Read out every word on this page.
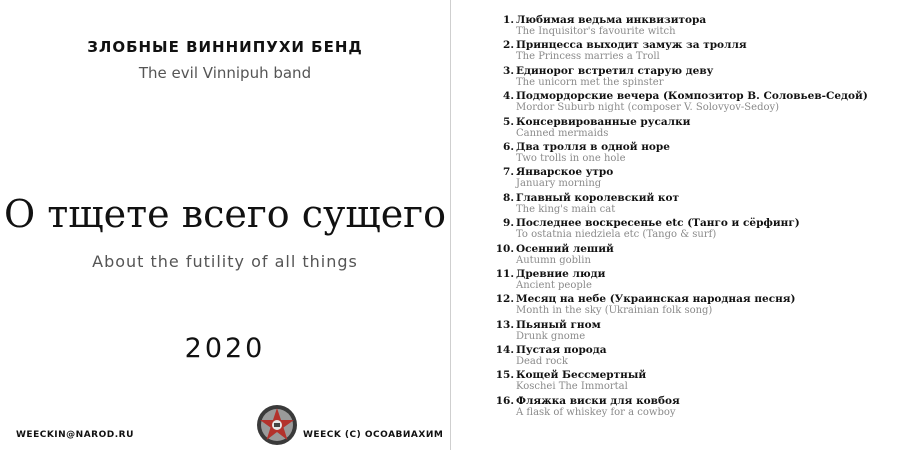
ЗЛОБНЫЕ ВИННИПУХИ БЕНД
The evil Vinnipuh band
О тщете всего сущего
About the futility of all things
2020
WEECKIN@NAROD.RU	WEECK (C) OCOAВИАХИМ
1. Любимая ведьма инквизитора
The Inquisitor's favourite witch
2. Принцесса выходит замуж за тролля
The Princess marries a Troll
3. Единорог встретил старую деву
The unicorn met the spinster
4. Подмордорские вечера (Композитор В. Соловьев-Седой)
Mordor Suburb night (composer V. Solovyov-Sedoy)
5. Консервированные русалки
Canned mermaids
6. Два тролля в одной норе
Two trolls in one hole
7. Январское утро
January morning
8. Главный королевский кот
The king's main cat
9. Последнее воскресенье etc (Танго и сёрфинг)
To ostatnia niedziela etc (Tango & surf)
10. Осенний леший
Autumn goblin
11. Древние люди
Ancient people
12. Месяц на небе (Украинская народная песня)
Month in the sky (Ukrainian folk song)
13. Пьяный гном
Drunk gnome
14. Пустая порода
Dead rock
15. Кощей Бессмертный
Koschei The Immortal
16. Фляжка виски для ковбоя
A flask of whiskey for a cowboy
